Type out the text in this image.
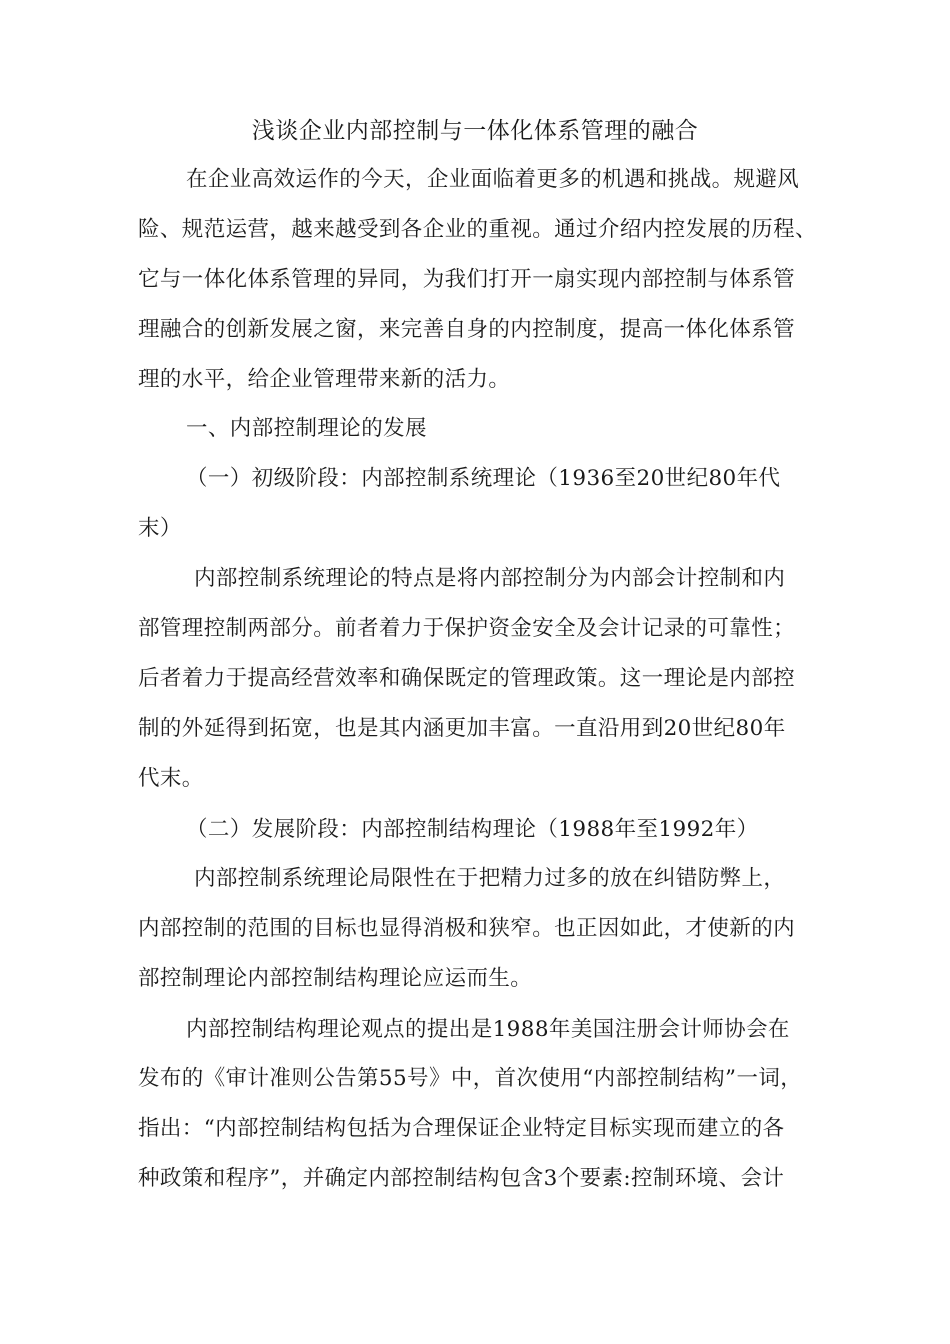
浅谈企业内部控制与一体化体系管理的融合
在企业高效运作的今天，企业面临着更多的机遇和挑战。规避风
险、规范运营，越来越受到各企业的重视。通过介绍内控发展的历程、
它与一体化体系管理的异同，为我们打开一扇实现内部控制与体系管
理融合的创新发展之窗，来完善自身的内控制度，提高一体化体系管
理的水平，给企业管理带来新的活力。
一、内部控制理论的发展
（一）初级阶段：内部控制系统理论（1936至20世纪80年代
末）
内部控制系统理论的特点是将内部控制分为内部会计控制和内
部管理控制两部分。前者着力于保护资金安全及会计记录的可靠性；
后者着力于提高经营效率和确保既定的管理政策。这一理论是内部控
制的外延得到拓宽，也是其内涵更加丰富。一直沿用到20世纪80年
代末。
（二）发展阶段：内部控制结构理论（1988年至1992年）
内部控制系统理论局限性在于把精力过多的放在纠错防弊上，
内部控制的范围的目标也显得消极和狭窄。也正因如此，才使新的内
部控制理论内部控制结构理论应运而生。
内部控制结构理论观点的提出是1988年美国注册会计师协会在
发布的《审计准则公告第55号》中，首次使用“内部控制结构”一词，
指出：“内部控制结构包括为合理保证企业特定目标实现而建立的各
种政策和程序”，并确定内部控制结构包含3个要素:控制环境、会计
